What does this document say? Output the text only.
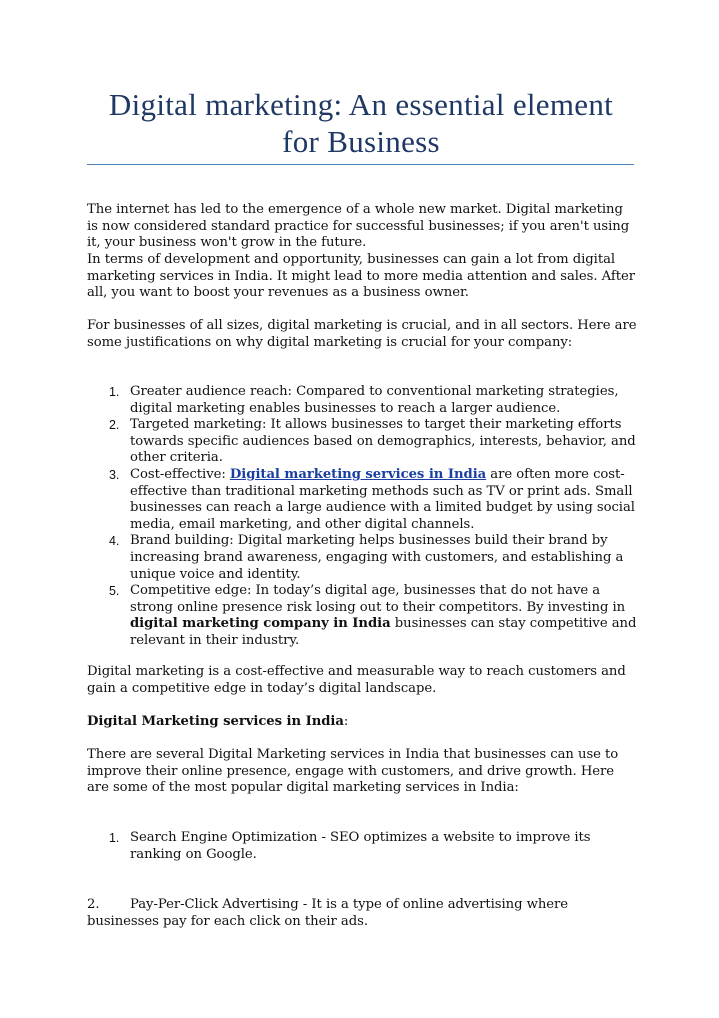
Digital marketing: An essential element for Business

The internet has led to the emergence of a whole new market. Digital marketing is now considered standard practice for successful businesses; if you aren't using it, your business won't grow in the future.

In terms of development and opportunity, businesses can gain a lot from digital marketing services in India. It might lead to more media attention and sales. After all, you want to boost your revenues as a business owner.

For businesses of all sizes, digital marketing is crucial, and in all sectors. Here are some justifications on why digital marketing is crucial for your company:

1. Greater audience reach: Compared to conventional marketing strategies, digital marketing enables businesses to reach a larger audience.
2. Targeted marketing: It allows businesses to target their marketing efforts towards specific audiences based on demographics, interests, behavior, and other criteria.
3. Cost-effective: Digital marketing services in India are often more cost-effective than traditional marketing methods such as TV or print ads. Small businesses can reach a large audience with a limited budget by using social media, email marketing, and other digital channels.
4. Brand building: Digital marketing helps businesses build their brand by increasing brand awareness, engaging with customers, and establishing a unique voice and identity.
5. Competitive edge: In today’s digital age, businesses that do not have a strong online presence risk losing out to their competitors. By investing in digital marketing company in India businesses can stay competitive and relevant in their industry.

Digital marketing is a cost-effective and measurable way to reach customers and gain a competitive edge in today’s digital landscape.

Digital Marketing services in India:

There are several Digital Marketing services in India that businesses can use to improve their online presence, engage with customers, and drive growth. Here are some of the most popular digital marketing services in India:

1. Search Engine Optimization - SEO optimizes a website to improve its ranking on Google.

2. Pay-Per-Click Advertising - It is a type of online advertising where businesses pay for each click on their ads.
